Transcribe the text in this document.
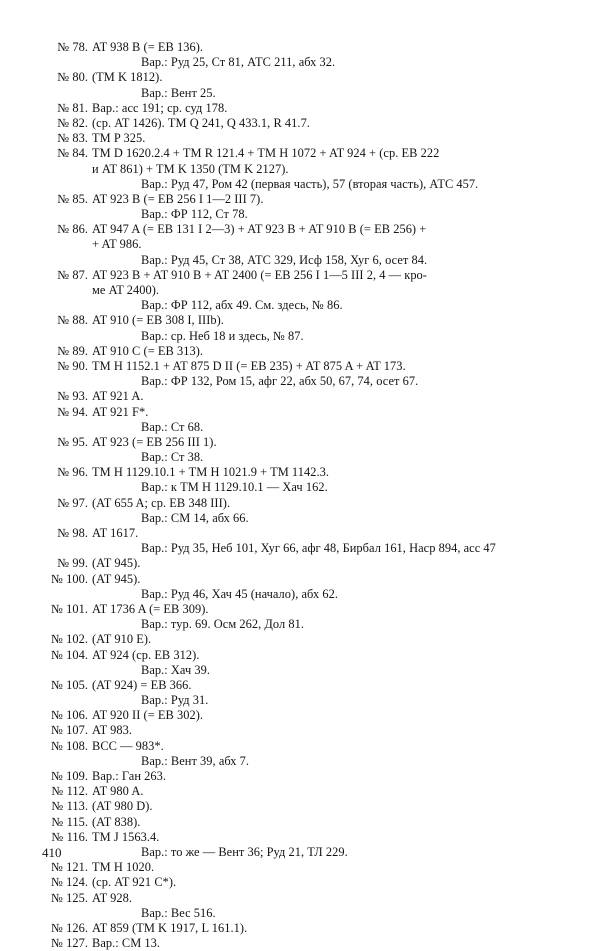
№ 78. AT 938 B (= EB 136).
Вар.: Руд 25, Ст 81, АТС 211, абх 32.
№ 80. (TM K 1812).
Вар.: Вент 25.
№ 81. Вар.: асс 191; ср. суд 178.
№ 82. (ср. AT 1426). TM Q 241, Q 433.1, R 41.7.
№ 83. TM P 325.
№ 84. TM D 1620.2.4 + TM R 121.4 + TM H 1072 + AT 924 + (ср. EB 222
и AT 861) + TM K 1350 (TM K 2127).
Вар.: Руд 47, Ром 42 (первая часть), 57 (вторая часть), АТС 457.
№ 85. AT 923 B (= EB 256 I 1—2 III 7).
Вар.: ФР 112, Ст 78.
№ 86. AT 947 A (= EB 131 I 2—3) + AT 923 B + AT 910 B (= EB 256) +
+ AT 986.
Вар.: Руд 45, Ст 38, АТС 329, Исф 158, Хуг 6, осет 84.
№ 87. AT 923 B + AT 910 B + AT 2400 (= EB 256 I 1—5 III 2, 4 — кро-
ме AT 2400).
Вар.: ФР 112, абх 49. См. здесь, № 86.
№ 88. AT 910 (= EB 308 I, IIIb).
Вар.: ср. Неб 18 и здесь, № 87.
№ 89. AT 910 C (= EB 313).
№ 90. TM H 1152.1 + AT 875 D II (= EB 235) + AT 875 A + AT 173.
Вар.: ФР 132, Ром 15, афг 22, абх 50, 67, 74, осет 67.
№ 93. AT 921 A.
№ 94. AT 921 F*.
Вар.: Ст 68.
№ 95. AT 923 (= EB 256 III 1).
Вар.: Ст 38.
№ 96. TM H 1129.10.1 + TM H 1021.9 + TM 1142.3.
Вар.: к TM H 1129.10.1 — Хач 162.
№ 97. (AT 655 A; ср. EB 348 III).
Вар.: СМ 14, абх 66.
№ 98. AT 1617.
Вар.: Руд 35, Неб 101, Хуг 66, афг 48, Бирбал 161, Наср 894, асс 47
№ 99. (AT 945).
№ 100. (AT 945).
Вар.: Руд 46, Хач 45 (начало), абх 62.
№ 101. AT 1736 A (= EB 309).
Вар.: тур. 69. Осм 262, Дол 81.
№ 102. (AT 910 E).
№ 104. AT 924 (ср. EB 312).
Вар.: Хач 39.
№ 105. (AT 924) = EB 366.
Вар.: Руд 31.
№ 106. AT 920 II (= EB 302).
№ 107. AT 983.
№ 108. BCC — 983*.
Вар.: Вент 39, абх 7.
№ 109. Вар.: Ган 263.
№ 112. AT 980 A.
№ 113. (AT 980 D).
№ 115. (AT 838).
№ 116. TM J 1563.4.
Вар.: то же — Вент 36; Руд 21, ТЛ 229.
№ 121. TM H 1020.
№ 124. (ср. AT 921 C*).
№ 125. AT 928.
Вар.: Вес 516.
№ 126. AT 859 (TM K 1917, L 161.1).
№ 127. Вар.: СМ 13.
410
